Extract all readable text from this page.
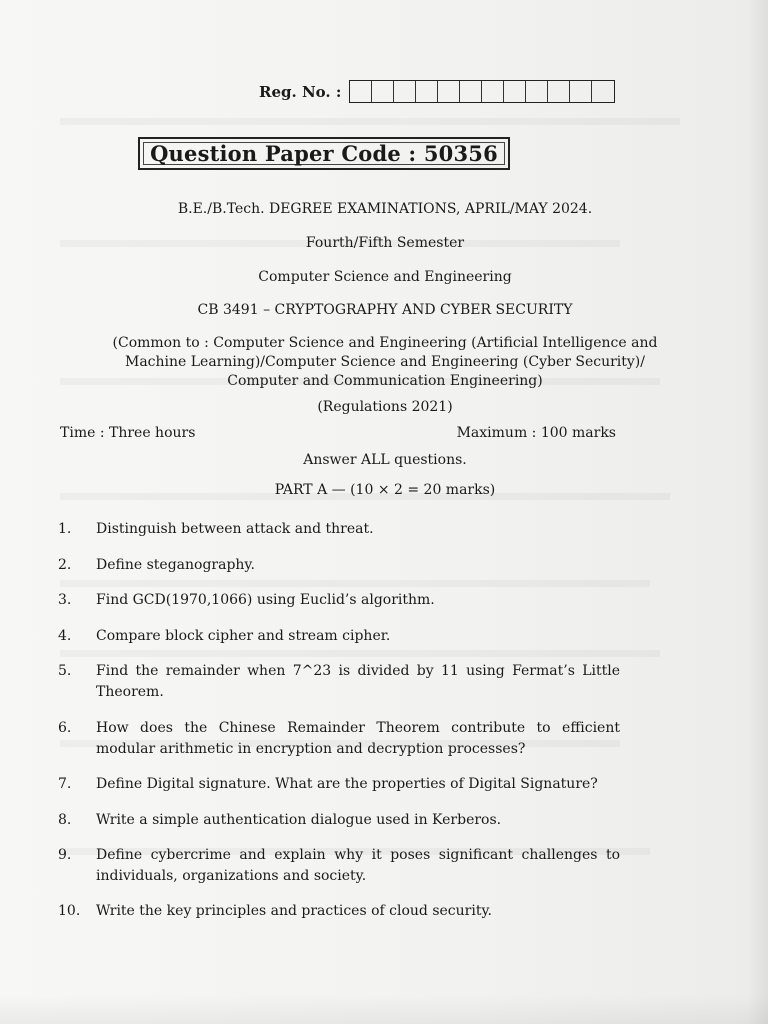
Reg. No. :
Question Paper Code : 50356
B.E./B.Tech. DEGREE EXAMINATIONS, APRIL/MAY 2024.
Fourth/Fifth Semester
Computer Science and Engineering
CB 3491 – CRYPTOGRAPHY AND CYBER SECURITY
(Common to : Computer Science and Engineering (Artificial Intelligence and
Machine Learning)/Computer Science and Engineering (Cyber Security)/
Computer and Communication Engineering)
(Regulations 2021)
Time : Three hours	Maximum : 100 marks
Answer ALL questions.
PART A — (10 × 2 = 20 marks)
1.	Distinguish between attack and threat.
2.	Define steganography.
3.	Find GCD(1970,1066) using Euclid’s algorithm.
4.	Compare block cipher and stream cipher.
5.	Find the remainder when 7^23 is divided by 11 using Fermat’s Little Theorem.
6.	How does the Chinese Remainder Theorem contribute to efficient modular arithmetic in encryption and decryption processes?
7.	Define Digital signature. What are the properties of Digital Signature?
8.	Write a simple authentication dialogue used in Kerberos.
9.	Define cybercrime and explain why it poses significant challenges to individuals, organizations and society.
10.	Write the key principles and practices of cloud security.
